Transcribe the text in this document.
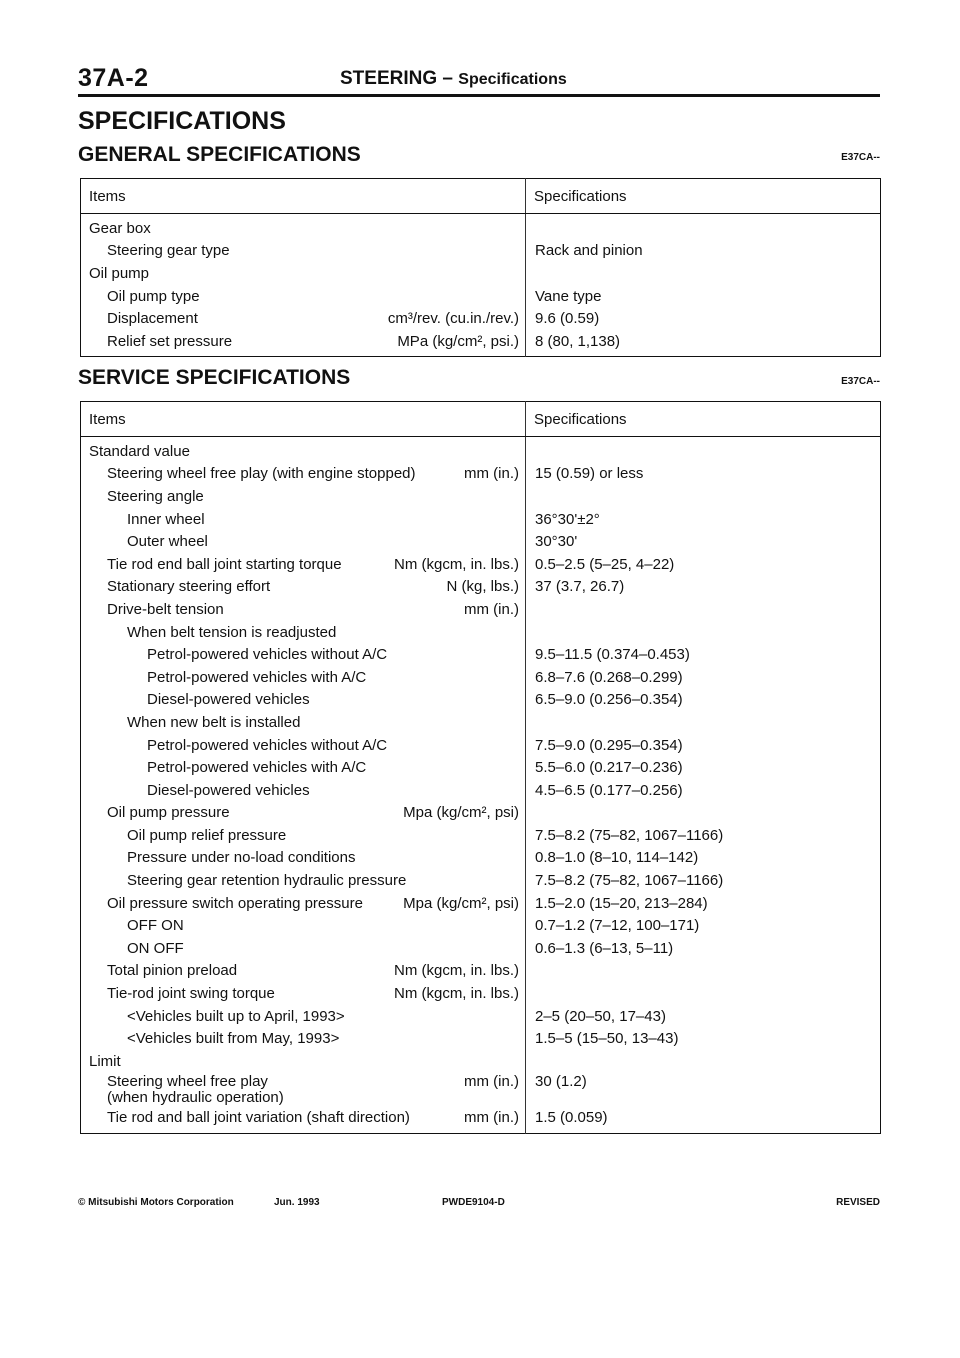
37A-2	STEERING – Specifications
SPECIFICATIONS
GENERAL SPECIFICATIONS	E37CA--
Items	Specifications
Gear box	
Steering gear type	Rack and pinion
Oil pump	
Oil pump type	Vane type
Displacement cm³/rev. (cu.in./rev.)	9.6 (0.59)
Relief set pressure MPa (kg/cm², psi.)	8 (80, 1,138)
SERVICE SPECIFICATIONS	E37CA--
Items	Specifications
Standard value	
Steering wheel free play (with engine stopped) mm (in.)	15 (0.59) or less
Steering angle	
Inner wheel	36°30'±2°
Outer wheel	30°30'
Tie rod end ball joint starting torque Nm (kgcm, in. lbs.)	0.5–2.5 (5–25, 4–22)
Stationary steering effort N (kg, lbs.)	37 (3.7, 26.7)
Drive-belt tension mm (in.)	

When belt tension is readjusted	
Petrol-powered vehicles without A/C	9.5–11.5 (0.374–0.453)
Petrol-powered vehicles with A/C	6.8–7.6 (0.268–0.299)
Diesel-powered vehicles	6.5–9.0 (0.256–0.354)
When new belt is installed	
Petrol-powered vehicles without A/C	7.5–9.0 (0.295–0.354)
Petrol-powered vehicles with A/C	5.5–6.0 (0.217–0.236)
Diesel-powered vehicles	4.5–6.5 (0.177–0.256)
Oil pump pressure Mpa (kg/cm², psi)	

Oil pump relief pressure	7.5–8.2 (75–82, 1067–1166)
Pressure under no-load conditions	0.8–1.0 (8–10, 114–142)
Steering gear retention hydraulic pressure	7.5–8.2 (75–82, 1067–1166)
Oil pressure switch operating pressure Mpa (kg/cm², psi)	1.5–2.0 (15–20, 213–284)
OFF ON	0.7–1.2 (7–12, 100–171)
ON OFF	0.6–1.3 (6–13, 5–11)
Total pinion preload Nm (kgcm, in. lbs.)	

Tie-rod joint swing torque Nm (kgcm, in. lbs.)	

<Vehicles built up to April, 1993>	2–5 (20–50, 17–43)
<Vehicles built from May, 1993>	1.5–5 (15–50, 13–43)
Limit	
Steering wheel free play mm (in.)
(when hydraulic operation)	30 (1.2)
Tie rod and ball joint variation (shaft direction) mm (in.)	1.5 (0.059)
© Mitsubishi Motors Corporation	Jun. 1993	PWDE9104-D	REVISED
